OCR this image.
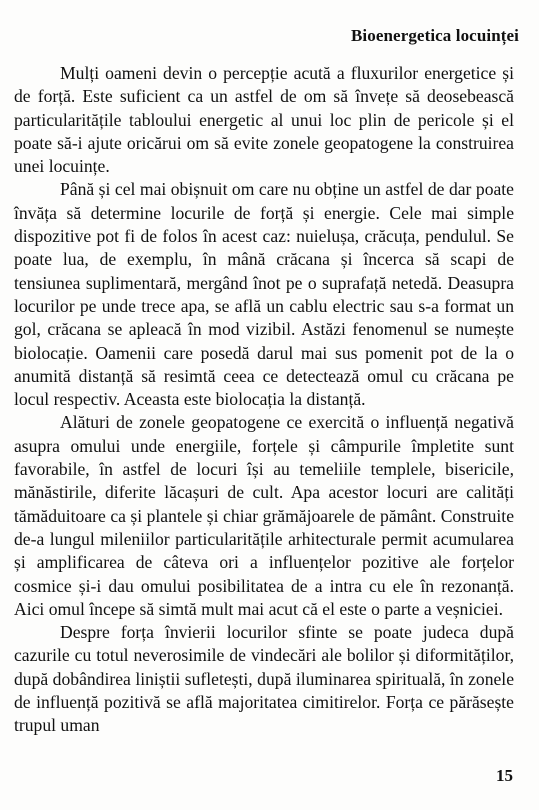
Bioenergetica locuinței

Mulți oameni devin o percepție acută a fluxurilor energetice și de forță. Este suficient ca un astfel de om să învețe să deosebească particularitățile tabloului energetic al unui loc plin de pericole și el poate să-i ajute oricărui om să evite zonele geopatogene la construirea unei locuințe.

Până și cel mai obișnuit om care nu obține un astfel de dar poate învăța să determine locurile de forță și energie. Cele mai simple dispozitive pot fi de folos în acest caz: nuielușa, crăcuța, pendulul. Se poate lua, de exemplu, în mână crăcana și încerca să scapi de tensiunea suplimentară, mergând înot pe o suprafață netedă. Deasupra locurilor pe unde trece apa, se află un cablu electric sau s-a format un gol, crăcana se apleacă în mod vizibil. Astăzi fenomenul se numește biolocație. Oamenii care posedă darul mai sus pomenit pot de la o anumită distanță să resimtă ceea ce detectează omul cu crăcana pe locul respectiv. Aceasta este biolocația la distanță.

Alături de zonele geopatogene ce exercită o influență negativă asupra omului unde energiile, forțele și câmpurile împletite sunt favorabile, în astfel de locuri își au temeliile templele, bisericile, mănăstirile, diferite lăcașuri de cult. Apa acestor locuri are calități tămăduitoare ca și plantele și chiar grămăjoarele de pământ. Construite de-a lungul mileniilor particularitățile arhitecturale permit acumularea și amplificarea de câteva ori a influențelor pozitive ale forțelor cosmice și-i dau omului posibilitatea de a intra cu ele în rezonanță. Aici omul începe să simtă mult mai acut că el este o parte a veșniciei.

Despre forța învierii locurilor sfinte se poate judeca după cazurile cu totul neverosimile de vindecări ale bolilor și diformităților, după dobândirea liniștii sufletești, după iluminarea spirituală, în zonele de influență pozitivă se află majoritatea cimitirelor. Forța ce părăsește trupul uman

15
